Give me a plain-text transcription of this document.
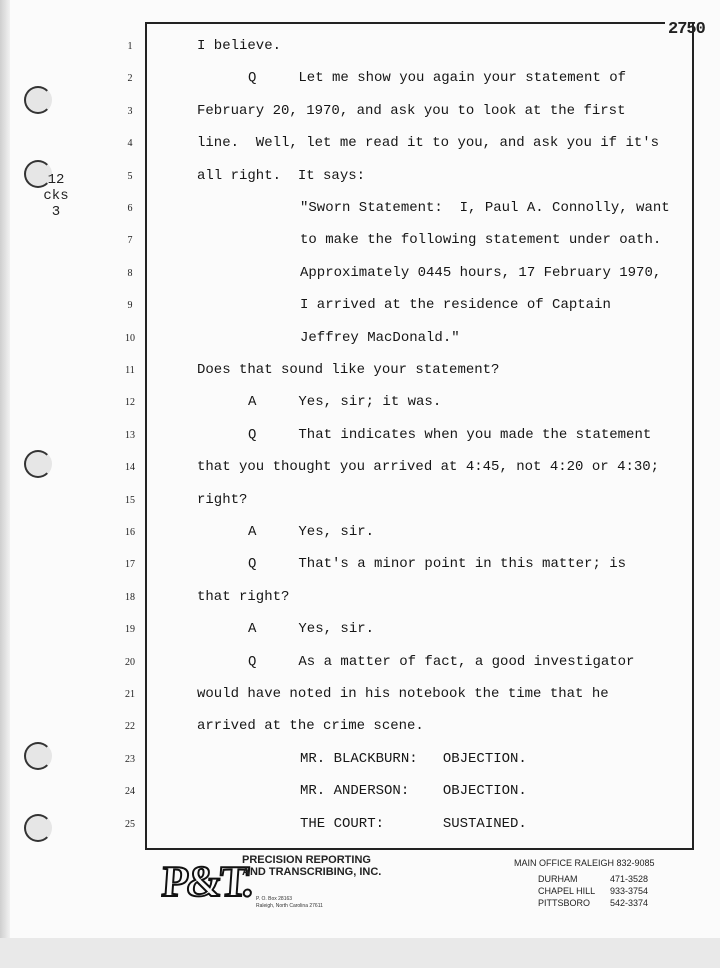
2750
12
cks
3
1	I believe.
2	Q     Let me show you again your statement of
3	February 20, 1970, and ask you to look at the first
4	line.  Well, let me read it to you, and ask you if it's
5	all right.  It says:
6	"Sworn Statement:  I, Paul A. Connolly, want
7	to make the following statement under oath.
8	Approximately 0445 hours, 17 February 1970,
9	I arrived at the residence of Captain
10	Jeffrey MacDonald."
11	Does that sound like your statement?
12	A     Yes, sir; it was.
13	Q     That indicates when you made the statement
14	that you thought you arrived at 4:45, not 4:20 or 4:30;
15	right?
16	A     Yes, sir.
17	Q     That's a minor point in this matter; is
18	that right?
19	A     Yes, sir.
20	Q     As a matter of fact, a good investigator
21	would have noted in his notebook the time that he
22	arrived at the crime scene.
23	MR. BLACKBURN:   OBJECTION.
24	MR. ANDERSON:    OBJECTION.
25	THE COURT:       SUSTAINED.
P&T.
PRECISION REPORTING
AND TRANSCRIBING, INC.
P. O. Box 28163
Raleigh, North Carolina 27611
MAIN OFFICE RALEIGH 832-9085
DURHAM	471-3528
CHAPEL HILL 933-3754
PITTSBORO 542-3374
